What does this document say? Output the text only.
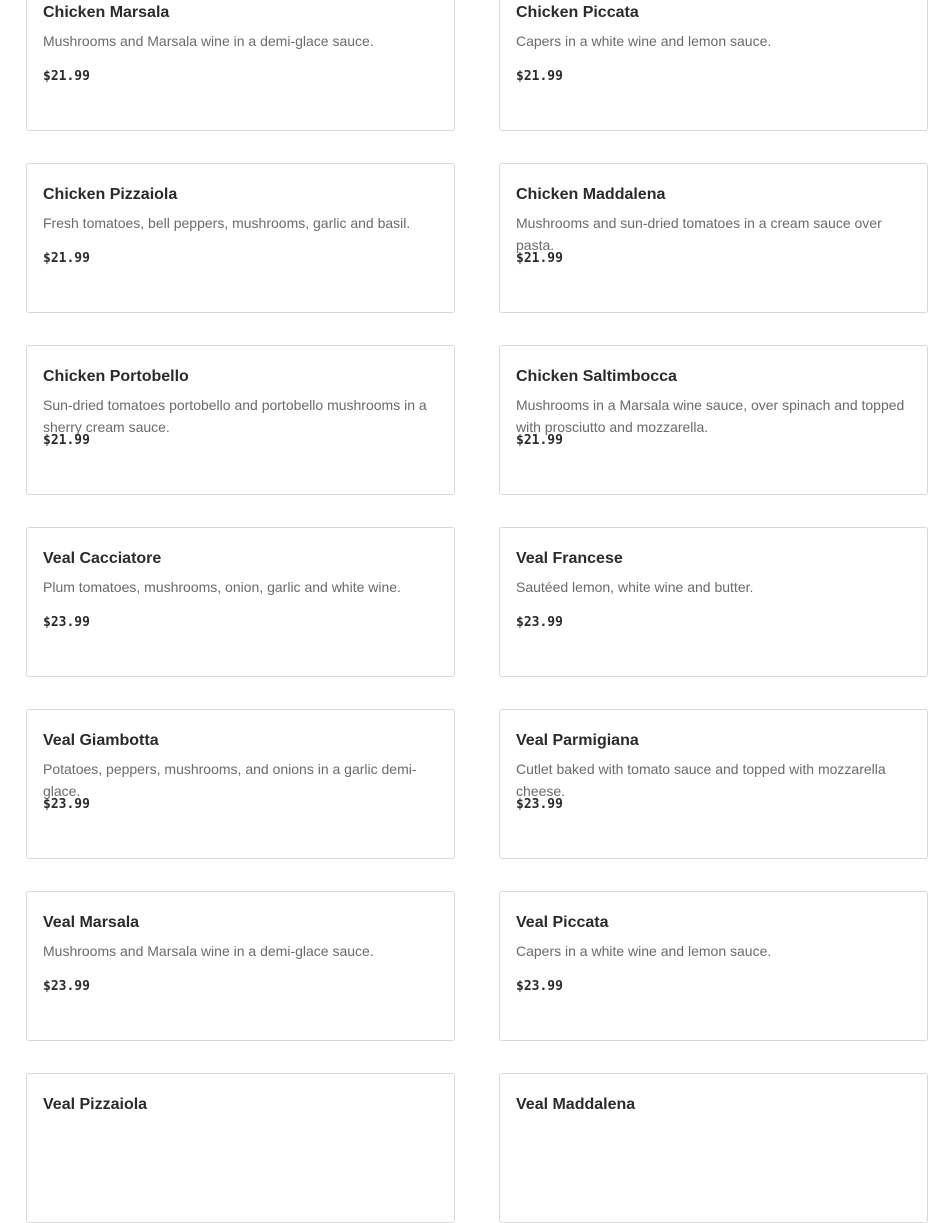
Chicken Marsala
Mushrooms and Marsala wine in a demi-glace sauce.
$21.99
Chicken Piccata
Capers in a white wine and lemon sauce.
$21.99
Chicken Pizzaiola
Fresh tomatoes, bell peppers, mushrooms, garlic and basil.
$21.99
Chicken Maddalena
Mushrooms and sun-dried tomatoes in a cream sauce over pasta.
$21.99
Chicken Portobello
Sun-dried tomatoes portobello and portobello mushrooms in a sherry cream sauce.
$21.99
Chicken Saltimbocca
Mushrooms in a Marsala wine sauce, over spinach and topped with prosciutto and mozzarella.
$21.99
Veal Cacciatore
Plum tomatoes, mushrooms, onion, garlic and white wine.
$23.99
Veal Francese
Sautéed lemon, white wine and butter.
$23.99
Veal Giambotta
Potatoes, peppers, mushrooms, and onions in a garlic demi-glace.
$23.99
Veal Parmigiana
Cutlet baked with tomato sauce and topped with mozzarella cheese.
$23.99
Veal Marsala
Mushrooms and Marsala wine in a demi-glace sauce.
$23.99
Veal Piccata
Capers in a white wine and lemon sauce.
$23.99
Veal Pizzaiola	Veal Maddalena
